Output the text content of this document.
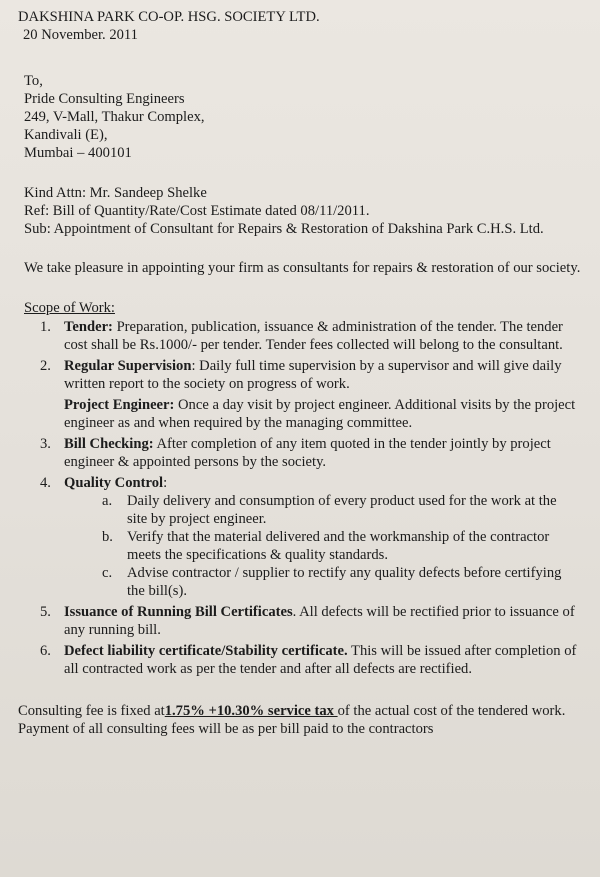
DAKSHINA PARK CO-OP. HSG. SOCIETY LTD.
20 November. 2011
To,
Pride Consulting Engineers
249, V-Mall, Thakur Complex,
Kandivali (E),
Mumbai – 400101
Kind Attn: Mr. Sandeep Shelke
Ref: Bill of Quantity/Rate/Cost Estimate dated 08/11/2011.
Sub: Appointment of Consultant for Repairs & Restoration of Dakshina Park C.H.S. Ltd.
We take pleasure in appointing your firm as consultants for repairs & restoration of our society.
Scope of Work:
1. Tender: Preparation, publication, issuance & administration of the tender. The tender cost shall be Rs.1000/- per tender. Tender fees collected will belong to the consultant.
2. Regular Supervision: Daily full time supervision by a supervisor and will give daily written report to the society on progress of work.
Project Engineer: Once a day visit by project engineer. Additional visits by the project engineer as and when required by the managing committee.
3. Bill Checking: After completion of any item quoted in the tender jointly by project engineer & appointed persons by the society.
4. Quality Control:
a. Daily delivery and consumption of every product used for the work at the site by project engineer.
b. Verify that the material delivered and the workmanship of the contractor meets the specifications & quality standards.
c. Advise contractor / supplier to rectify any quality defects before certifying the bill(s).
5. Issuance of Running Bill Certificates. All defects will be rectified prior to issuance of any running bill.
6. Defect liability certificate/Stability certificate. This will be issued after completion of all contracted work as per the tender and after all defects are rectified.
Consulting fee is fixed at1.75% +10.30% service tax of the actual cost of the tendered work. Payment of all consulting fees will be as per bill paid to the contractors
